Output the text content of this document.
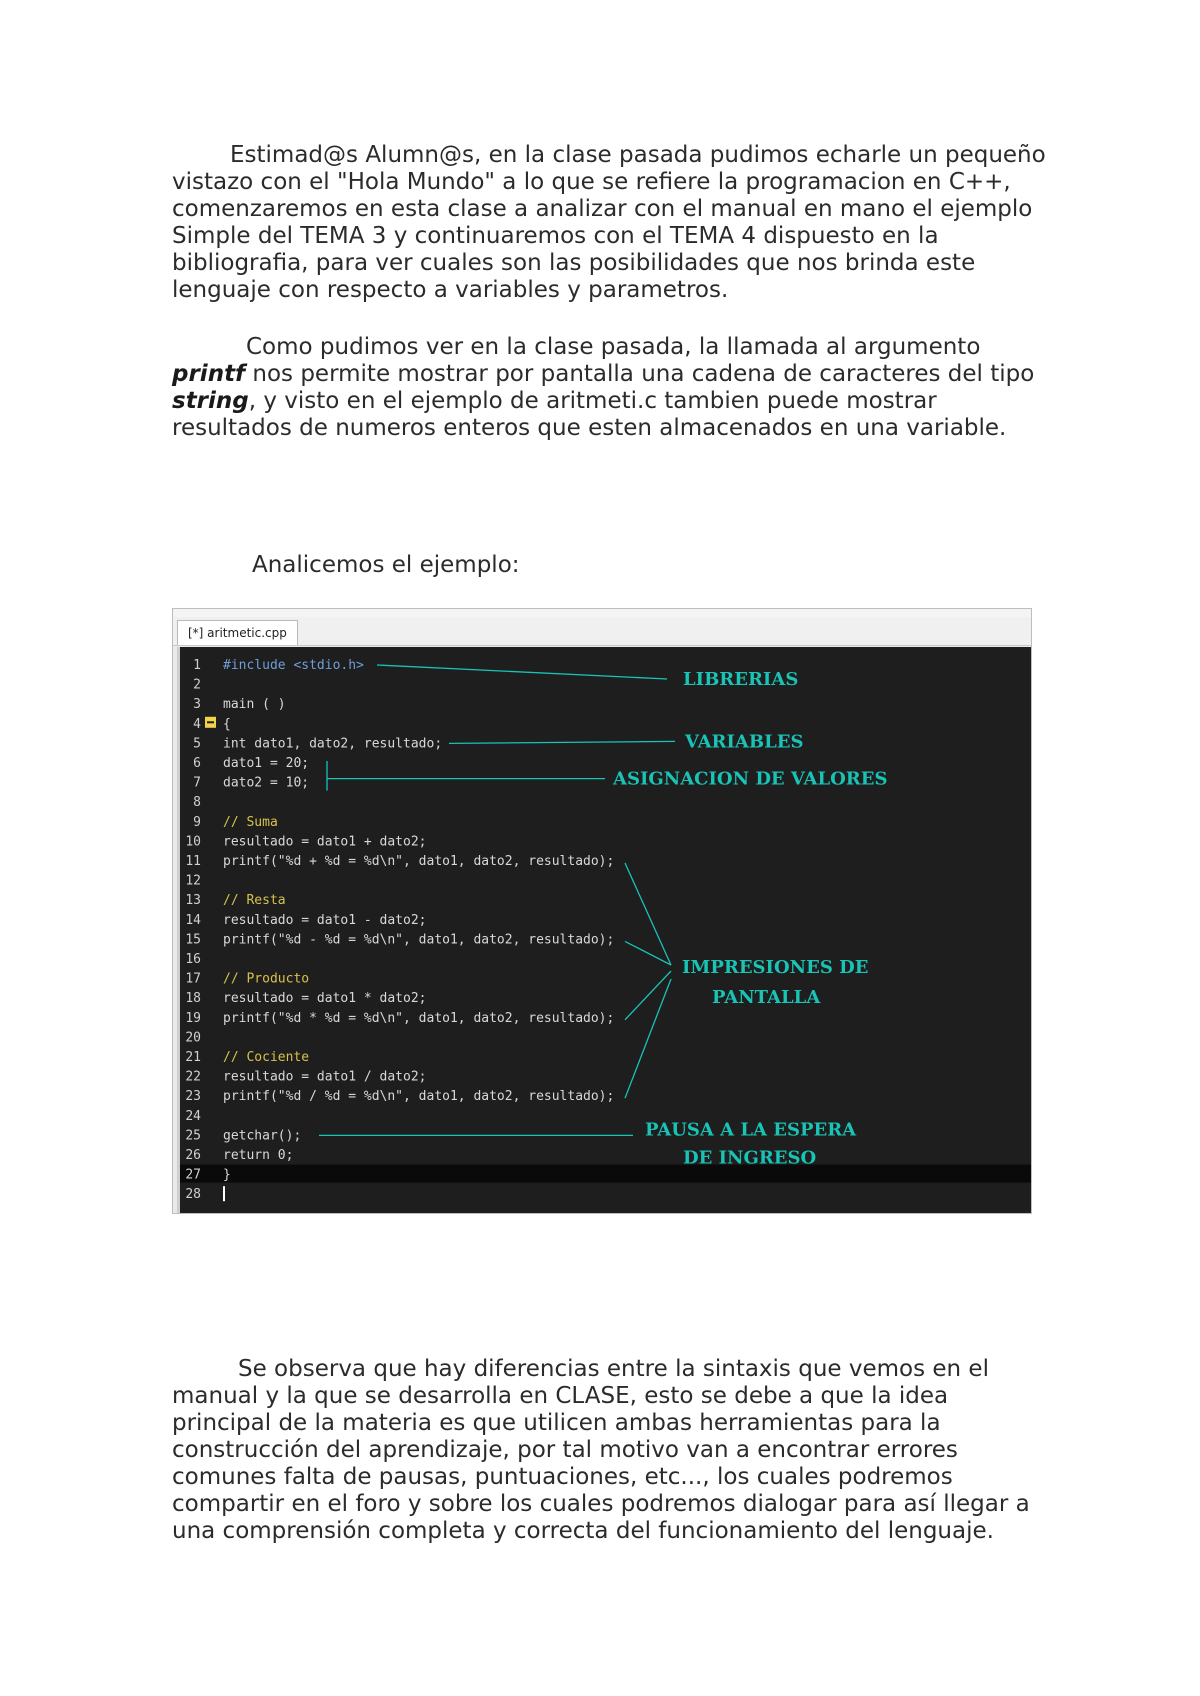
Estimad@s Alumn@s, en la clase pasada pudimos echarle un pequeño vistazo con el "Hola Mundo" a lo que se refiere la programacion en C++, comenzaremos en esta clase a analizar con el manual en mano el ejemplo Simple del TEMA 3 y continuaremos con el TEMA 4 dispuesto en la bibliografia, para ver cuales son las posibilidades que nos brinda este lenguaje con respecto a variables y parametros.

Como pudimos ver en la clase pasada, la llamada al argumento printf nos permite mostrar por pantalla una cadena de caracteres del tipo string, y visto en el ejemplo de aritmeti.c tambien puede mostrar resultados de numeros enteros que esten almacenados en una variable.

Analicemos el ejemplo:

[*] aritmetic.cpp
1
2
3
4
5
6
7
8
9
10
11
12
13
14
15
16
17
18
19
20
21
22
23
24
25
26
27
28
#include <stdio.h>
main ( )
{
int dato1, dato2, resultado;
dato1 = 20;
dato2 = 10;
// Suma
resultado = dato1 + dato2;
printf("%d + %d = %d\n", dato1, dato2, resultado);
// Resta
resultado = dato1 - dato2;
printf("%d - %d = %d\n", dato1, dato2, resultado);
// Producto
resultado = dato1 * dato2;
printf("%d * %d = %d\n", dato1, dato2, resultado);
// Cociente
resultado = dato1 / dato2;
printf("%d / %d = %d\n", dato1, dato2, resultado);
getchar();
return 0;
}
LIBRERIAS
VARIABLES
ASIGNACION DE VALORES
IMPRESIONES DE
PANTALLA
PAUSA A LA ESPERA
DE INGRESO

Se observa que hay diferencias entre la sintaxis que vemos en el manual y la que se desarrolla en CLASE, esto se debe a que la idea principal de la materia es que utilicen ambas herramientas para la construcción del aprendizaje, por tal motivo van a encontrar errores comunes falta de pausas, puntuaciones, etc..., los cuales podremos compartir en el foro y sobre los cuales podremos dialogar para así llegar a una comprensión completa y correcta del funcionamiento del lenguaje.
